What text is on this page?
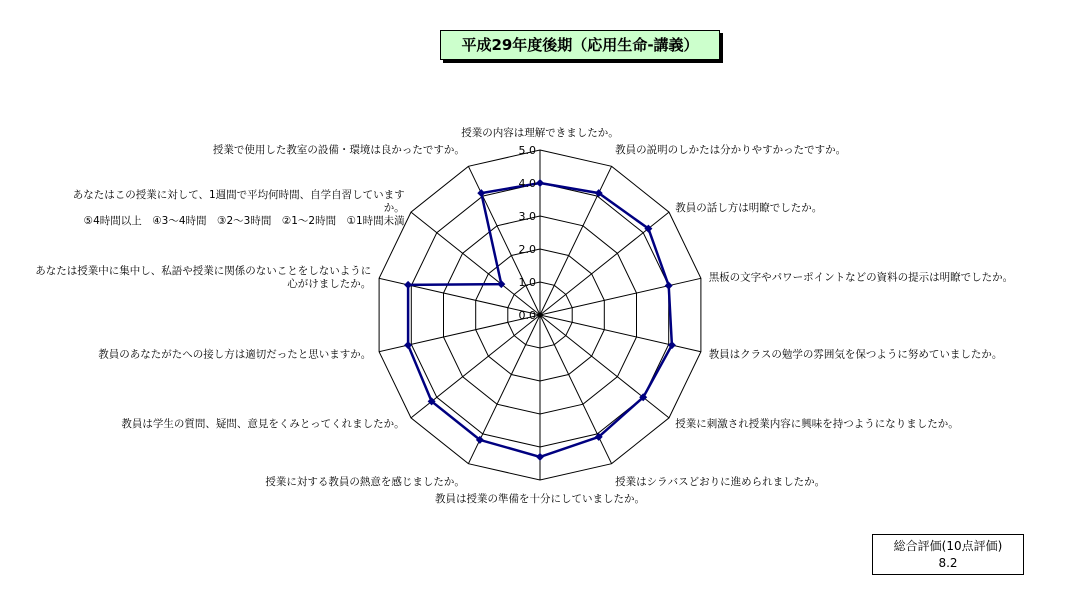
平成29年度後期（応用生命‐講義）
0.0
1.0
2.0
3.0
4.0
5.0
授業の内容は理解できましたか。
教員の説明のしかたは分かりやすかったですか。
教員の話し方は明瞭でしたか。
黒板の文字やパワーポイントなどの資料の提示は明瞭でしたか。
教員はクラスの勉学の雰囲気を保つように努めていましたか。
授業に刺激され授業内容に興味を持つようになりましたか。
授業はシラバスどおりに進められましたか。
教員は授業の準備を十分にしていましたか。
授業に対する教員の熱意を感じましたか。
教員は学生の質問、疑問、意見をくみとってくれましたか。
教員のあなたがたへの接し方は適切だったと思いますか。
あなたは授業中に集中し、私語や授業に関係のないことをしないように
心がけましたか。
あなたはこの授業に対して、1週間で平均何時間、自学自習しています
か。
⑤4時間以上　④3～4時間　③2～3時間　②1～2時間　①1時間未満
授業で使用した教室の設備・環境は良かったですか。
総合評価(10点評価)
8.2
